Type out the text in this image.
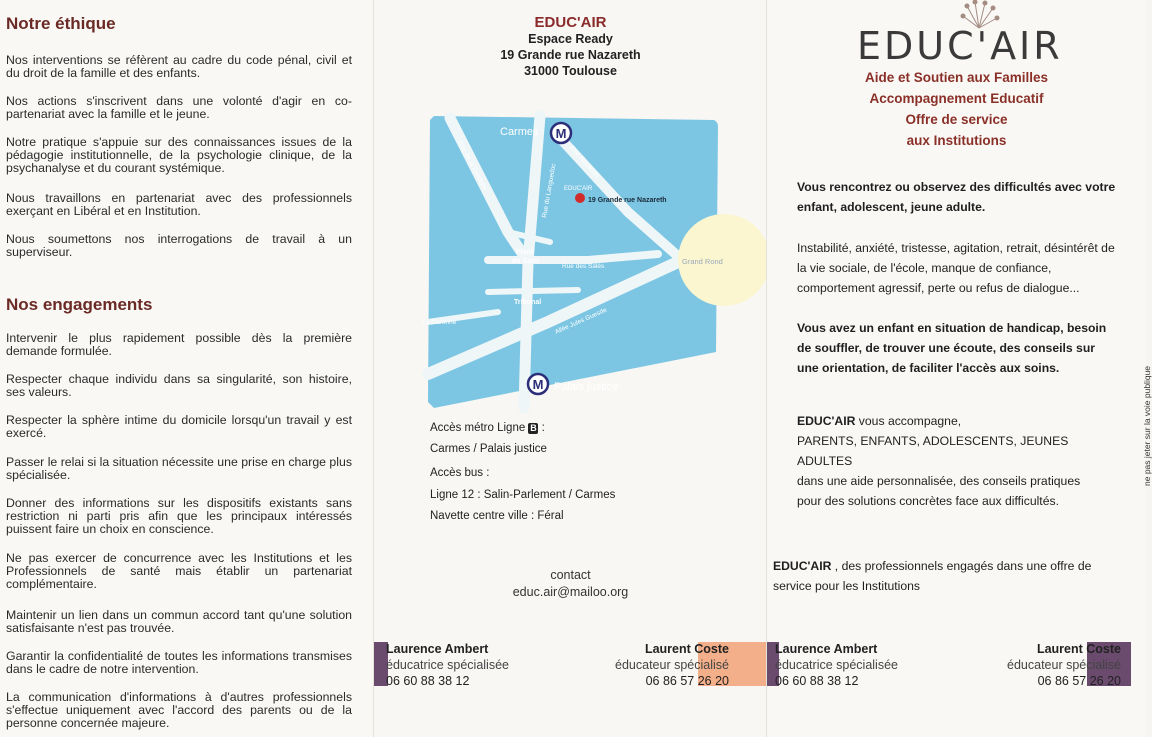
Notre éthique
Nos interventions se réfèrent au cadre du code pénal, civil et du droit de la famille et des enfants.
Nos actions s'inscrivent dans une volonté d'agir en co-partenariat avec la famille et le jeune.
Notre pratique s'appuie sur des connaissances issues de la pédagogie institutionnelle, de la psychologie clinique, de la psychanalyse et du courant systémique.
Nous travaillons en partenariat avec des professionnels exerçant en Libéral et en Institution.
Nous soumettons nos interrogations de travail à un superviseur.
Nos engagements
Intervenir le plus rapidement possible dès la première demande formulée.
Respecter chaque individu dans sa singularité, son histoire, ses valeurs.
Respecter la sphère intime du domicile lorsqu'un travail y est exercé.
Passer le relai si la situation nécessite une prise en charge plus spécialisée.
Donner des informations sur les dispositifs existants sans restriction ni parti pris afin que les principaux intéressés puissent faire un choix en conscience.
Ne pas exercer de concurrence avec les Institutions et les Professionnels de santé mais établir un partenariat complémentaire.
Maintenir un lien dans un commun accord tant qu'une solution satisfaisante n'est pas trouvée.
Garantir la confidentialité de toutes les informations transmises dans le cadre de notre intervention.
La communication d'informations à d'autres professionnels s'effectue uniquement avec l'accord des parents ou de la personne concernée majeure.
EDUC'AIR
Espace Ready
19 Grande rue Nazareth
31000 Toulouse
M
M
Carmes
Palais justice
Grand Rond
La Garonne
Place
du Salin
Tribunal
EDUC'AIR
19 Grande rue Nazareth
Rue de la Fonderie	Rue du Languedoc
Rue Nazareth
Rue des Salés
Allée Jules Guesde
Accès métro Ligne B :
Carmes / Palais justice
Accès bus :
Ligne 12 : Salin-Parlement / Carmes
Navette centre ville : Féral
contact
educ.air@mailoo.org
Laurence Ambert
éducatrice spécialisée
06 60 88 38 12
Laurent Coste
éducateur spécialisé
06 86 57 26 20
EDUC'AIR
Aide et Soutien aux Familles
Accompagnement Educatif
Offre de service
aux Institutions
Vous rencontrez ou observez des difficultés avec votre enfant, adolescent, jeune adulte.
Instabilité, anxiété, tristesse, agitation, retrait, désintérêt de la vie sociale, de l'école, manque de confiance, comportement agressif, perte ou refus de dialogue...
Vous avez un enfant en situation de handicap, besoin de souffler, de trouver une écoute, des conseils sur une orientation, de faciliter l'accès aux soins.
EDUC'AIR vous accompagne,
PARENTS, ENFANTS, ADOLESCENTS, JEUNES ADULTES
dans une aide personnalisée, des conseils pratiques
pour des solutions concrètes face aux difficultés.
EDUC'AIR , des professionnels engagés dans une offre de service pour les Institutions
Laurence Ambert
éducatrice spécialisée
06 60 88 38 12
Laurent Coste
éducateur spécialisé
06 86 57 26 20
ne pas jeter sur la voie publique
